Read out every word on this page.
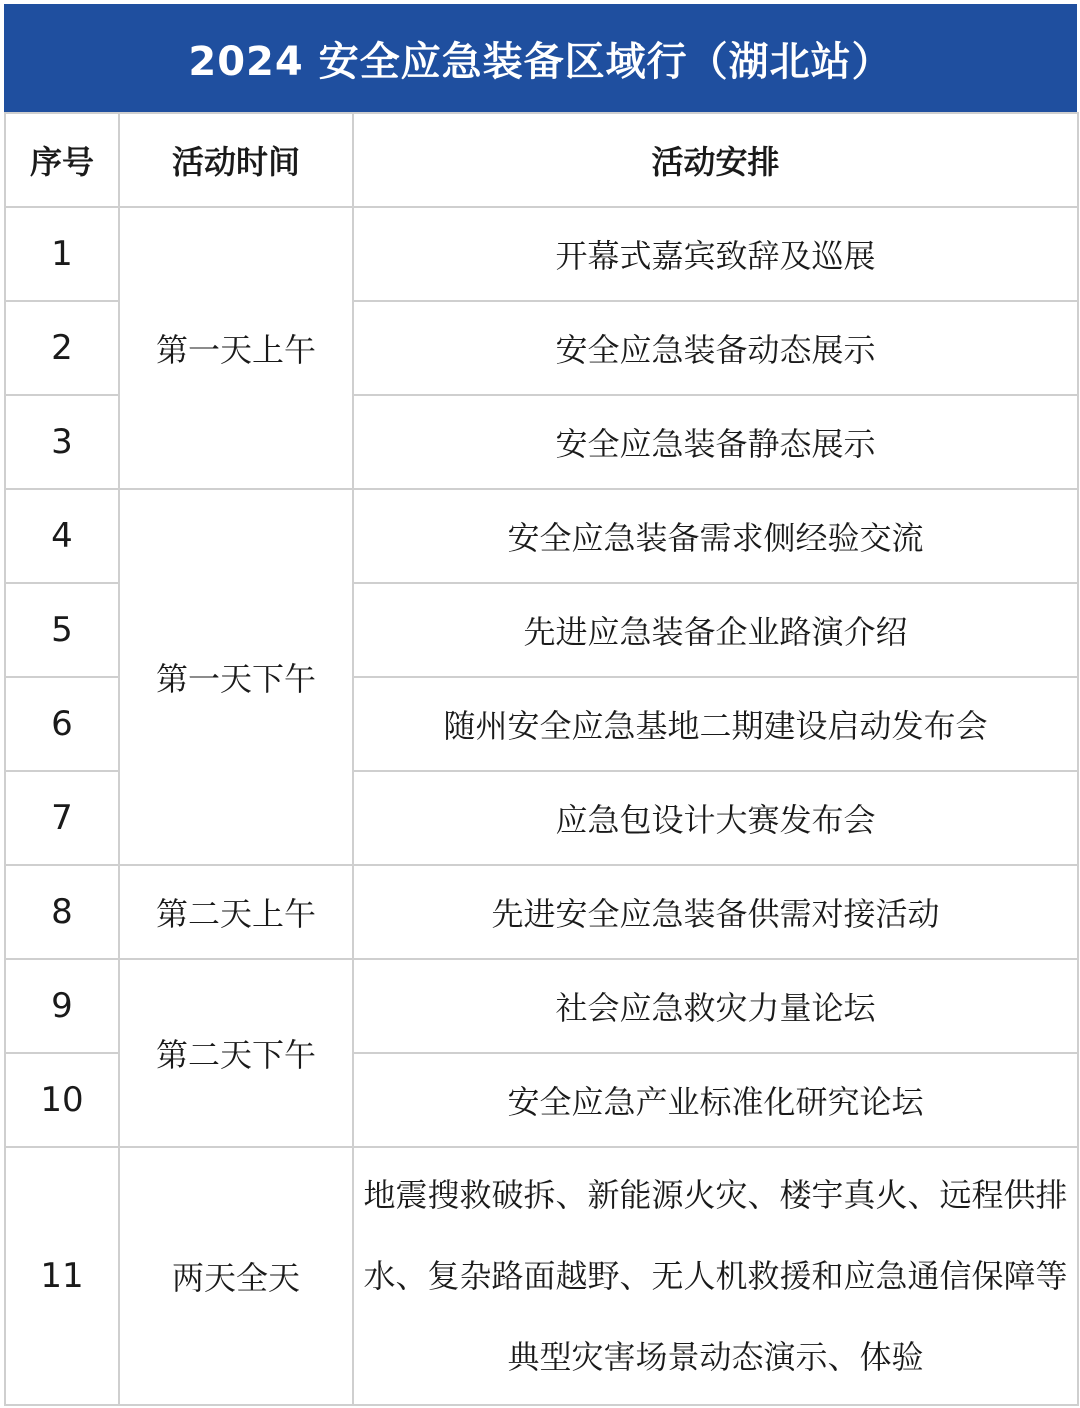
2024 安全应急装备区域行（湖北站）
序号	活动时间	活动安排
1	第一天上午	开幕式嘉宾致辞及巡展
2		安全应急装备动态展示
3		安全应急装备静态展示
4	第一天下午	安全应急装备需求侧经验交流
5		先进应急装备企业路演介绍
6		随州安全应急基地二期建设启动发布会
7		应急包设计大赛发布会
8	第二天上午	先进安全应急装备供需对接活动
9	第二天下午	社会应急救灾力量论坛
10		安全应急产业标准化研究论坛
11	两天全天	地震搜救破拆、新能源火灾、楼宇真火、远程供排水、复杂路面越野、无人机救援和应急通信保障等典型灾害场景动态演示、体验
